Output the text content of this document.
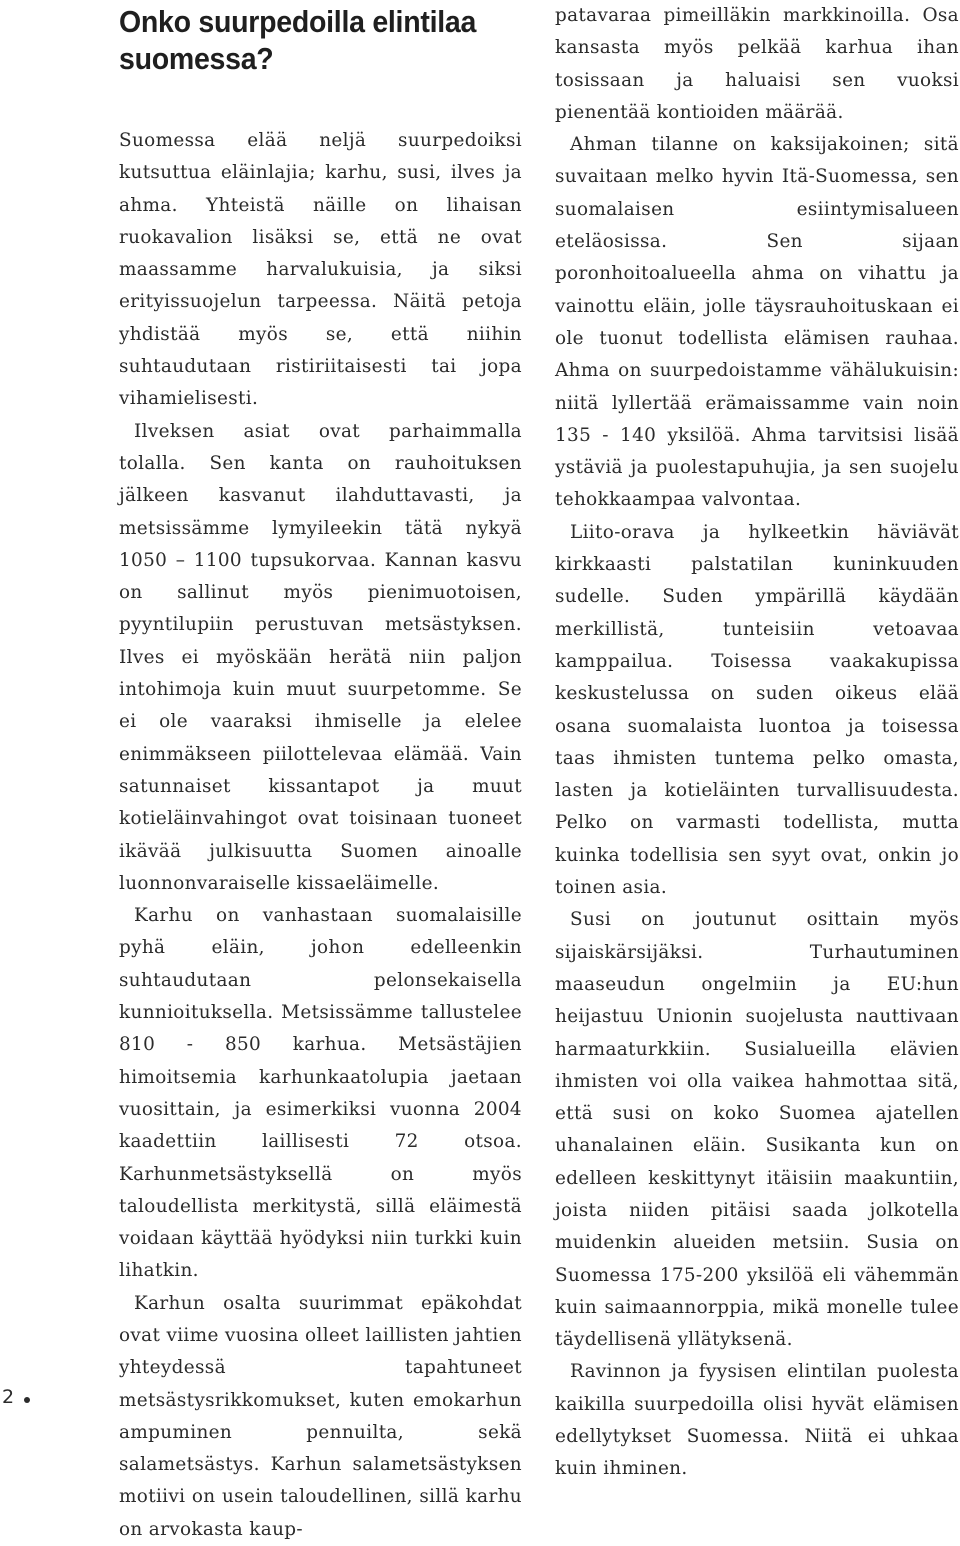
Onko suurpedoilla elintilaa suomessa?

Suomessa elää neljä suurpedoiksi kutsuttua eläinlajia; karhu, susi, ilves ja ahma. Yhteistä näille on lihaisan ruokavalion lisäksi se, että ne ovat maassamme harvalukuisia, ja siksi erityissuojelun tarpeessa. Näitä petoja yhdistää myös se, että niihin suhtaudutaan ristiriitaisesti tai jopa vihamielisesti.

Ilveksen asiat ovat parhaimmalla tolalla. Sen kanta on rauhoituksen jälkeen kasvanut ilahduttavasti, ja metsissämme lymyileekin tätä nykyä 1050 – 1100 tupsukorvaa. Kannan kasvu on sallinut myös pienimuotoisen, pyyntilupiin perustuvan metsästyksen. Ilves ei myöskään herätä niin paljon intohimoja kuin muut suurpetomme. Se ei ole vaaraksi ihmiselle ja elelee enimmäkseen piilottelevaa elämää. Vain satunnaiset kissantapot ja muut kotieläinvahingot ovat toisinaan tuoneet ikävää julkisuutta Suomen ainoalle luonnonvaraiselle kissaeläimelle.

Karhu on vanhastaan suomalaisille pyhä eläin, johon edelleenkin suhtaudutaan pelonsekaisella kunnioituksella. Metsissämme tallustelee 810 - 850 karhua. Metsästäjien himoitsemia karhunkaatolupia jaetaan vuosittain, ja esimerkiksi vuonna 2004 kaadettiin laillisesti 72 otsoa. Karhunmetsästyksellä on myös taloudellista merkitystä, sillä eläimestä voidaan käyttää hyödyksi niin turkki kuin lihatkin.

Karhun osalta suurimmat epäkohdat ovat viime vuosina olleet laillisten jahtien yhteydessä tapahtuneet metsästysrikkomukset, kuten emokarhun ampuminen pennuilta, sekä salametsästys. Karhun salametsästyksen motiivi on usein taloudellinen, sillä karhu on arvokasta kaup-

patavaraa pimeilläkin markkinoilla. Osa kansasta myös pelkää karhua ihan tosissaan ja haluaisi sen vuoksi pienentää kontioiden määrää.

Ahman tilanne on kaksijakoinen; sitä suvaitaan melko hyvin Itä-Suomessa, sen suomalaisen esiintymisalueen eteläosissa. Sen sijaan poronhoitoalueella ahma on vihattu ja vainottu eläin, jolle täysrauhoituskaan ei ole tuonut todellista elämisen rauhaa. Ahma on suurpedoistamme vähälukuisin: niitä lyllertää erämaissamme vain noin 135 - 140 yksilöä. Ahma tarvitsisi lisää ystäviä ja puolestapuhujia, ja sen suojelu tehokkaampaa valvontaa.

Liito-orava ja hylkeetkin häviävät kirkkaasti palstatilan kuninkuuden sudelle. Suden ympärillä käydään merkillistä, tunteisiin vetoavaa kamppailua. Toisessa vaakakupissa keskustelussa on suden oikeus elää osana suomalaista luontoa ja toisessa taas ihmisten tuntema pelko omasta, lasten ja kotieläinten turvallisuudesta. Pelko on varmasti todellista, mutta kuinka todellisia sen syyt ovat, onkin jo toinen asia.

Susi on joutunut osittain myös sijaiskärsijäksi. Turhautuminen maaseudun ongelmiin ja EU:hun heijastuu Unionin suojelusta nauttivaan harmaaturkkiin. Susialueilla elävien ihmisten voi olla vaikea hahmottaa sitä, että susi on koko Suomea ajatellen uhanalainen eläin. Susikanta kun on edelleen keskittynyt itäisiin maakuntiin, joista niiden pitäisi saada jolkotella muidenkin alueiden metsiin. Susia on Suomessa 175-200 yksilöä eli vähemmän kuin saimaannorppia, mikä monelle tulee täydellisenä yllätyksenä.

Ravinnon ja fyysisen elintilan puolesta kaikilla suurpedoilla olisi hyvät elämisen edellytykset Suomessa. Niitä ei uhkaa kuin ihminen.

2
